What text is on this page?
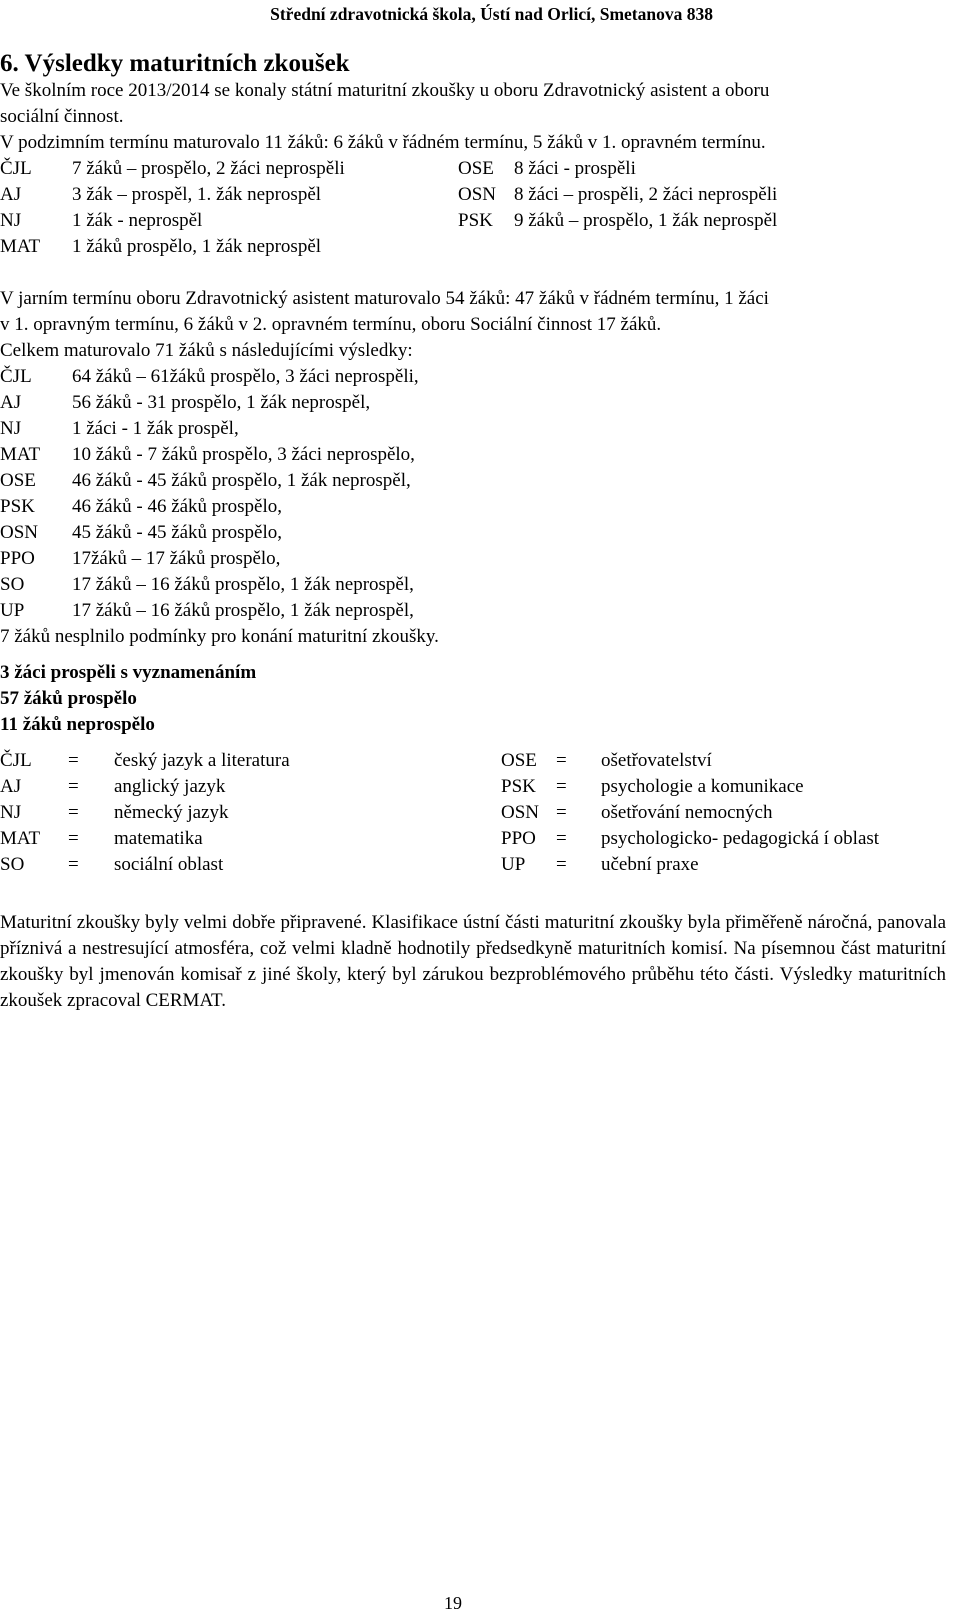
Střední zdravotnická škola, Ústí nad Orlicí, Smetanova 838
6. Výsledky maturitních zkoušek
Ve školním roce 2013/2014 se konaly státní maturitní zkoušky u oboru Zdravotnický asistent a oboru
sociální činnost.
V podzimním termínu maturovalo 11 žáků: 6 žáků v řádném termínu, 5 žáků v 1. opravném termínu.
ČJL 7 žáků – prospělo, 2 žáci neprospěli	OSE 8 žáci - prospěli
AJ	3 žák – prospěl, 1. žák neprospěl	OSN 8 žáci – prospěli, 2 žáci neprospěli
NJ	1 žák - neprospěl	PSK 9 žáků – prospělo, 1 žák neprospěl
MAT 1 žáků prospělo, 1 žák neprospěl
V jarním termínu oboru Zdravotnický asistent maturovalo 54 žáků: 47 žáků v řádném termínu, 1 žáci
v 1. opravným termínu, 6 žáků v 2. opravném termínu, oboru Sociální činnost 17 žáků.
Celkem maturovalo 71 žáků s následujícími výsledky:
ČJL 64 žáků – 61žáků prospělo, 3 žáci neprospěli,
AJ	56 žáků - 31 prospělo, 1 žák neprospěl,
NJ	1 žáci - 1 žák prospěl,
MAT 10 žáků - 7 žáků prospělo, 3 žáci neprospělo,
OSE 46 žáků - 45 žáků prospělo, 1 žák neprospěl,
PSK 46 žáků - 46 žáků prospělo,
OSN 45 žáků - 45 žáků prospělo,
PPO 17žáků – 17 žáků prospělo,
SO	17 žáků – 16 žáků prospělo, 1 žák neprospěl,
UP	17 žáků – 16 žáků prospělo, 1 žák neprospěl,
7 žáků nesplnilo podmínky pro konání maturitní zkoušky.
3 žáci prospěli s vyznamenáním
57 žáků prospělo
11 žáků neprospělo
ČJL = český jazyk a literatura	OSE = ošetřovatelství
AJ = anglický jazyk	PSK = psychologie a komunikace
NJ = německý jazyk	OSN = ošetřování nemocných
MAT = matematika	PPO = psychologicko- pedagogická í oblast
SO = sociální oblast	UP = učební praxe
Maturitní zkoušky byly velmi dobře připravené. Klasifikace ústní části maturitní zkoušky byla přiměřeně náročná, panovala příznivá a nestresující atmosféra, což velmi kladně hodnotily předsedkyně maturitních komisí. Na písemnou část maturitní zkoušky byl jmenován komisař z jiné školy, který byl zárukou bezproblémového průběhu této části. Výsledky maturitních zkoušek zpracoval CERMAT.
19
